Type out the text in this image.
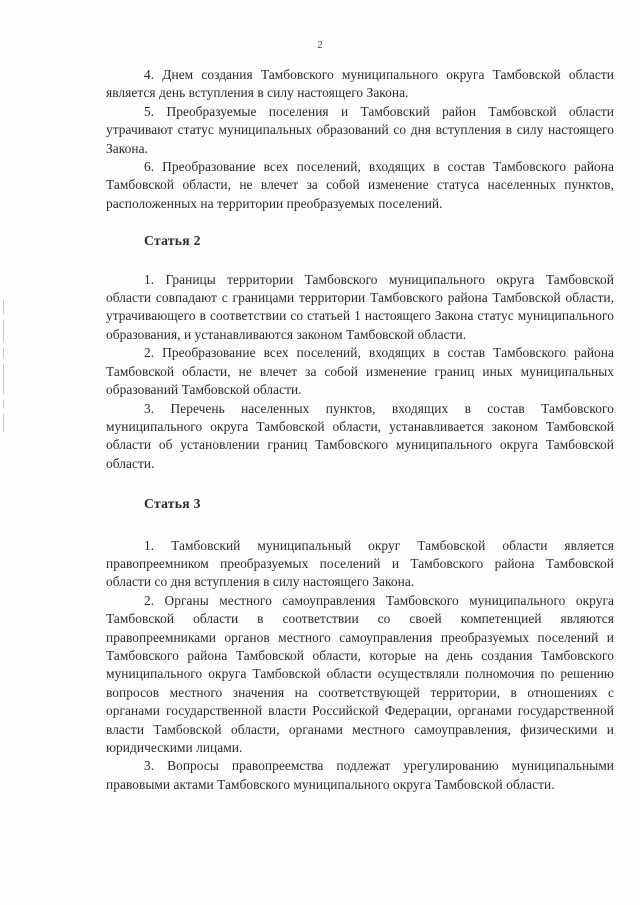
2

4. Днем создания Тамбовского муниципального округа Тамбовской области является день вступления в силу настоящего Закона.

5. Преобразуемые поселения и Тамбовский район Тамбовской области утрачивают статус муниципальных образований со дня вступления в силу настоящего Закона.

6. Преобразование всех поселений, входящих в состав Тамбовского района Тамбовской области, не влечет за собой изменение статуса населенных пунктов, расположенных на территории преобразуемых поселений.

Статья 2

1. Границы территории Тамбовского муниципального округа Тамбовской области совпадают с границами территории Тамбовского района Тамбовской области, утрачивающего в соответствии со статьей 1 настоящего Закона статус муниципального образования, и устанавливаются законом Тамбовской области.

2. Преобразование всех поселений, входящих в состав Тамбовского района Тамбовской области, не влечет за собой изменение границ иных муниципальных образований Тамбовской области.

3. Перечень населенных пунктов, входящих в состав Тамбовского муниципального округа Тамбовской области, устанавливается законом Тамбовской области об установлении границ Тамбовского муниципального округа Тамбовской области.

Статья 3

1. Тамбовский муниципальный округ Тамбовской области является правопреемником преобразуемых поселений и Тамбовского района Тамбовской области со дня вступления в силу настоящего Закона.

2. Органы местного самоуправления Тамбовского муниципального округа Тамбовской области в соответствии со своей компетенцией являются правопреемниками органов местного самоуправления преобразуемых поселений и Тамбовского района Тамбовской области, которые на день создания Тамбовского муниципального округа Тамбовской области осуществляли полномочия по решению вопросов местного значения на соответствующей территории, в отношениях с органами государственной власти Российской Федерации, органами государственной власти Тамбовской области, органами местного самоуправления, физическими и юридическими лицами.

3. Вопросы правопреемства подлежат урегулированию муниципальными правовыми актами Тамбовского муниципального округа Тамбовской области.
